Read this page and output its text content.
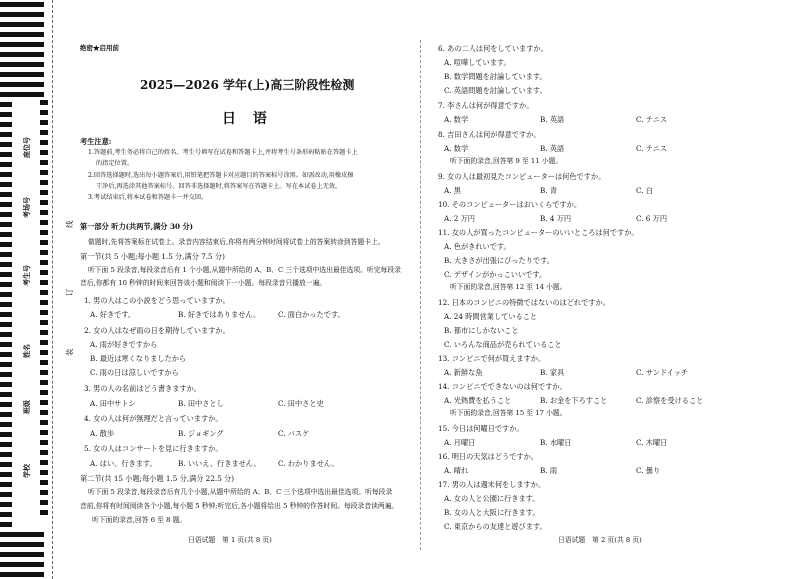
座位号
考场号
考生号
姓名
班级
学校
线
订
装
绝密★启用前
2025—2026 学年(上)高三阶段性检测
日 语
考生注意:
1.答题前,考生务必将自己的姓名、考生号填写在试卷和答题卡上,并将考生号条形码粘贴在答题卡上
的指定位置。
2.回答选择题时,选出每小题答案后,用铅笔把答题卡对应题目的答案标号涂黑。如需改动,用橡皮擦
干净后,再选涂其他答案标号。回答非选择题时,将答案写在答题卡上。写在本试卷上无效。
3.考试结束后,将本试卷和答题卡一并交回。
第一部分 听力(共两节,满分 30 分)
做题时,先将答案标在试卷上。录音内容结束后,你将有两分钟时间将试卷上的答案转涂到答题卡上。
第一节(共 5 小题;每小题 1.5 分,满分 7.5 分)
听下面 5 段录音,每段录音后有 1 个小题,从题中所给的 A、B、C 三个选项中选出最佳选项。听完每段录
音后,你都有 10 秒钟的时间来回答该小题和阅读下一小题。每段录音只播放一遍。
1. 男の人はこの小説をどう思っていますか。
A. 好きです。	B. 好きではありません。 C. 面白かったです。
2. 女の人はなぜ雨の日を期待していますか。
A. 雨が好きですから
B. 最近は寒くなりましたから
C. 雨の日は涼しいですから
3. 男の人の名前はどう書きますか。
A. 田中サトシ	B. 田中さとし	C. 田中さと史
4. 女の人は何が無理だと言っていますか。
A. 散歩	B. ジョギング	C. バスケ
5. 女の人はコンサートを見に行きますか。
A. はい、行きます。	B. いいえ、行きません。 C. わかりません。
第二节(共 15 小题;每小题 1.5 分,满分 22.5 分)
听下面 5 段录音,每段录音后有几个小题,从题中所给的 A、B、C 三个选项中选出最佳选项。听每段录
音前,你将有时间阅读各个小题,每小题 5 秒钟;听完后,各小题将给出 5 秒钟的作答时间。每段录音读两遍。
听下面的录音,回答 6 至 8 题。
日语试题　第 1 页(共 8 页)
6. あの二人は何をしていますか。
A. 喧嘩しています。
B. 数学問題を討論しています。
C. 英語問題を討論しています。
7. 李さんは何が得意ですか。
A. 数学	B. 英語	C. テニス
8. 吉田さんは何が得意ですか。
A. 数学	B. 英語	C. テニス
听下面的录音,回答第 9 至 11 小题。
9. 女の人は最初見たコンピューターは何色ですか。
A. 黒	B. 青	C. 白
10. そのコンピューターはおいくらですか。
A. 2 万円	B. 4 万円	C. 6 万円
11. 女の人が買ったコンピューターのいいところは何ですか。
A. 色がきれいです。
B. 大きさが出張にぴったりです。
C. デザインがかっこいいです。
听下面的录音,回答第 12 至 14 小题。
12. 日本のコンビニの特徴ではないのはどれですか。
A. 24 時間営業していること
B. 都市にしかないこと
C. いろんな商品が売られていること
13. コンビニで何が買えますか。
A. 新鮮な魚	B. 家具	C. サンドイッチ
14. コンビニでできないのは何ですか。
A. 光熱費を払うこと	B. お金を下ろすこと	C. 診察を受けること
听下面的录音,回答第 15 至 17 小题。
15. 今日は何曜日ですか。
A. 月曜日	B. 水曜日	C. 木曜日
16. 明日の天気はどうですか。
A. 晴れ	B. 雨	C. 曇り
17. 男の人は週末何をしますか。
A. 女の人と公園に行きます。
B. 女の人と大阪に行きます。
C. 東京からの友達と遊びます。
日语试题　第 2 页(共 8 页)
